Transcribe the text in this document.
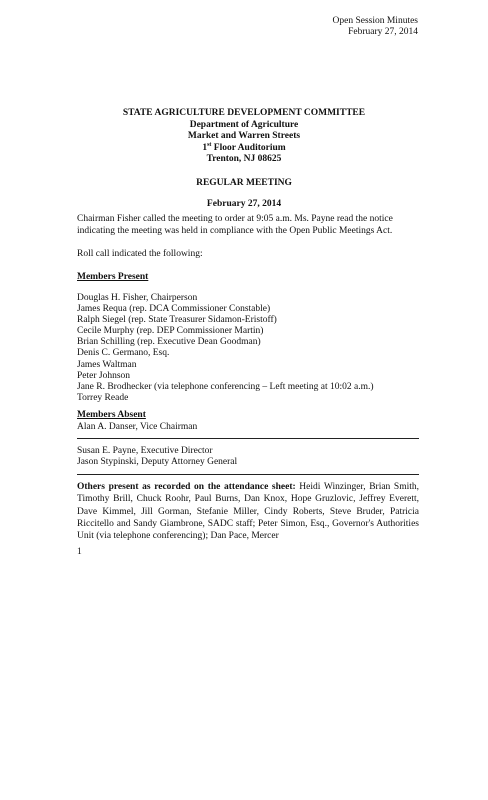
Open Session Minutes
February 27, 2014
STATE AGRICULTURE DEVELOPMENT COMMITTEE
Department of Agriculture
Market and Warren Streets
1st Floor Auditorium
Trenton, NJ 08625
REGULAR MEETING
February 27, 2014
Chairman Fisher called the meeting to order at 9:05 a.m. Ms. Payne read the notice indicating the meeting was held in compliance with the Open Public Meetings Act.
Roll call indicated the following:
Members Present
Douglas H. Fisher, Chairperson
James Requa (rep. DCA Commissioner Constable)
Ralph Siegel (rep. State Treasurer Sidamon-Eristoff)
Cecile Murphy (rep. DEP Commissioner Martin)
Brian Schilling (rep. Executive Dean Goodman)
Denis C. Germano, Esq.
James Waltman
Peter Johnson
Jane R. Brodhecker (via telephone conferencing – Left meeting at 10:02 a.m.)
Torrey Reade
Members Absent
Alan A. Danser, Vice Chairman
Susan E. Payne, Executive Director
Jason Stypinski, Deputy Attorney General
Others present as recorded on the attendance sheet: Heidi Winzinger, Brian Smith, Timothy Brill, Chuck Roohr, Paul Burns, Dan Knox, Hope Gruzlovic, Jeffrey Everett, Dave Kimmel, Jill Gorman, Stefanie Miller, Cindy Roberts, Steve Bruder, Patricia Riccitello and Sandy Giambrone, SADC staff; Peter Simon, Esq., Governor's Authorities Unit (via telephone conferencing); Dan Pace, Mercer
1
